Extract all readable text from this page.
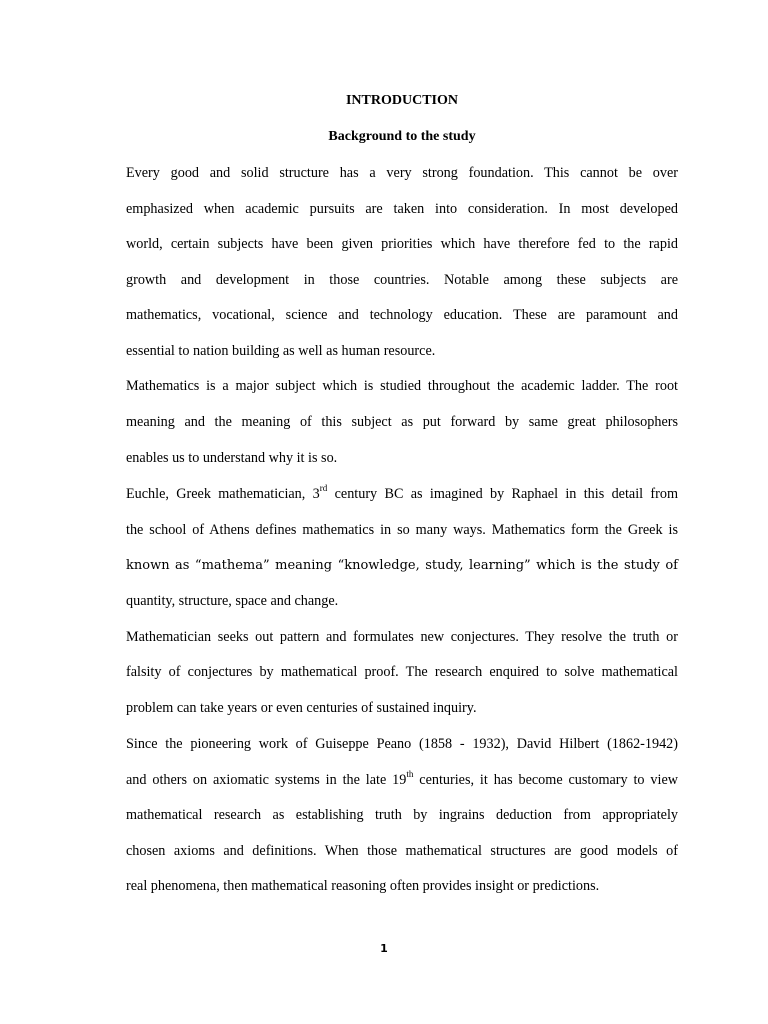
INTRODUCTION
Background to the study

Every good and solid structure has a very strong foundation. This cannot be over

emphasized when academic pursuits are taken into consideration. In most developed

world, certain subjects have been given priorities which have therefore fed to the rapid

growth and development in those countries. Notable among these subjects are

mathematics, vocational, science and technology education. These are paramount and

essential to nation building as well as human resource.

Mathematics is a major subject which is studied throughout the academic ladder. The root

meaning and the meaning of this subject as put forward by same great philosophers

enables us to understand why it is so.

Euchle, Greek mathematician, 3rd century BC as imagined by Raphael in this detail from

the school of Athens defines mathematics in so many ways. Mathematics form the Greek is

known as “mathema” meaning “knowledge, study, learning” which is the study of

quantity, structure, space and change.

Mathematician seeks out pattern and formulates new conjectures. They resolve the truth or

falsity of conjectures by mathematical proof. The research enquired to solve mathematical

problem can take years or even centuries of sustained inquiry.

Since the pioneering work of Guiseppe Peano (1858 - 1932), David Hilbert (1862-1942)

and others on axiomatic systems in the late 19th centuries, it has become customary to view

mathematical research as establishing truth by ingrains deduction from appropriately

chosen axioms and definitions. When those mathematical structures are good models of

real phenomena, then mathematical reasoning often provides insight or predictions.

1
